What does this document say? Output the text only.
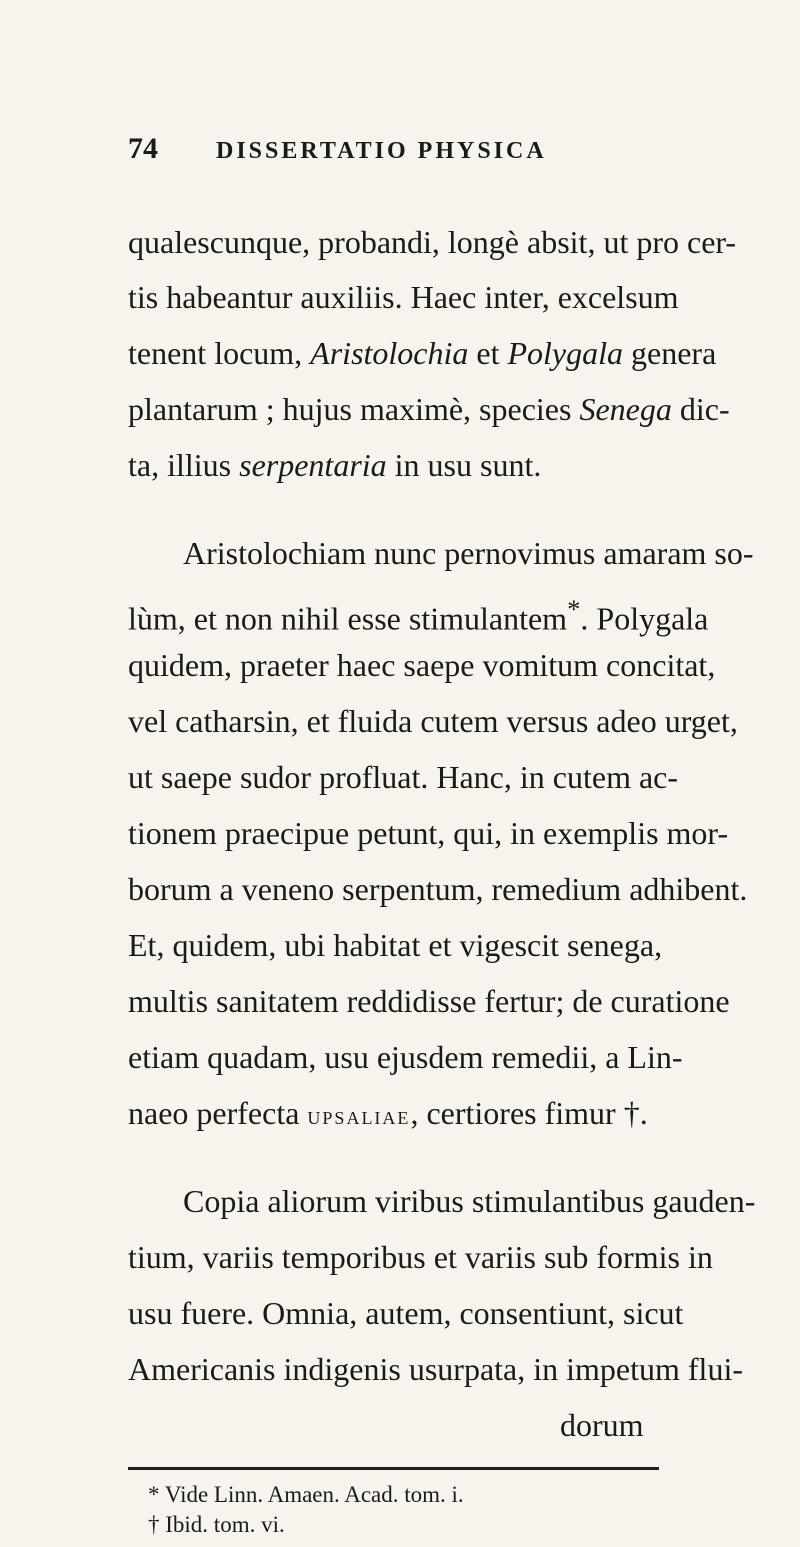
74 DISSERTATIO PHYSICA
qualescunque, probandi, longè absit, ut pro cer-
tis habeantur auxiliis. Haec inter, excelsum
tenent locum, Aristolochia et Polygala genera
plantarum ; hujus maximè, species Senega dic-
ta, illius serpentaria in usu sunt.
Aristolochiam nunc pernovimus amaram so-
lùm, et non nihil esse stimulantem*. Polygala
quidem, praeter haec saepe vomitum concitat,
vel catharsin, et fluida cutem versus adeo urget,
ut saepe sudor profluat. Hanc, in cutem ac-
tionem praecipue petunt, qui, in exemplis mor-
borum a veneno serpentum, remedium adhibent.
Et, quidem, ubi habitat et vigescit senega,
multis sanitatem reddidisse fertur; de curatione
etiam quadam, usu ejusdem remedii, a Lin-
naeo perfecta upsaliae, certiores fimur †.
Copia aliorum viribus stimulantibus gauden-
tium, variis temporibus et variis sub formis in
usu fuere. Omnia, autem, consentiunt, sicut
Americanis indigenis usurpata, in impetum flui-
dorum
* Vide Linn. Amaen. Acad. tom. i.
† Ibid. tom. vi.
